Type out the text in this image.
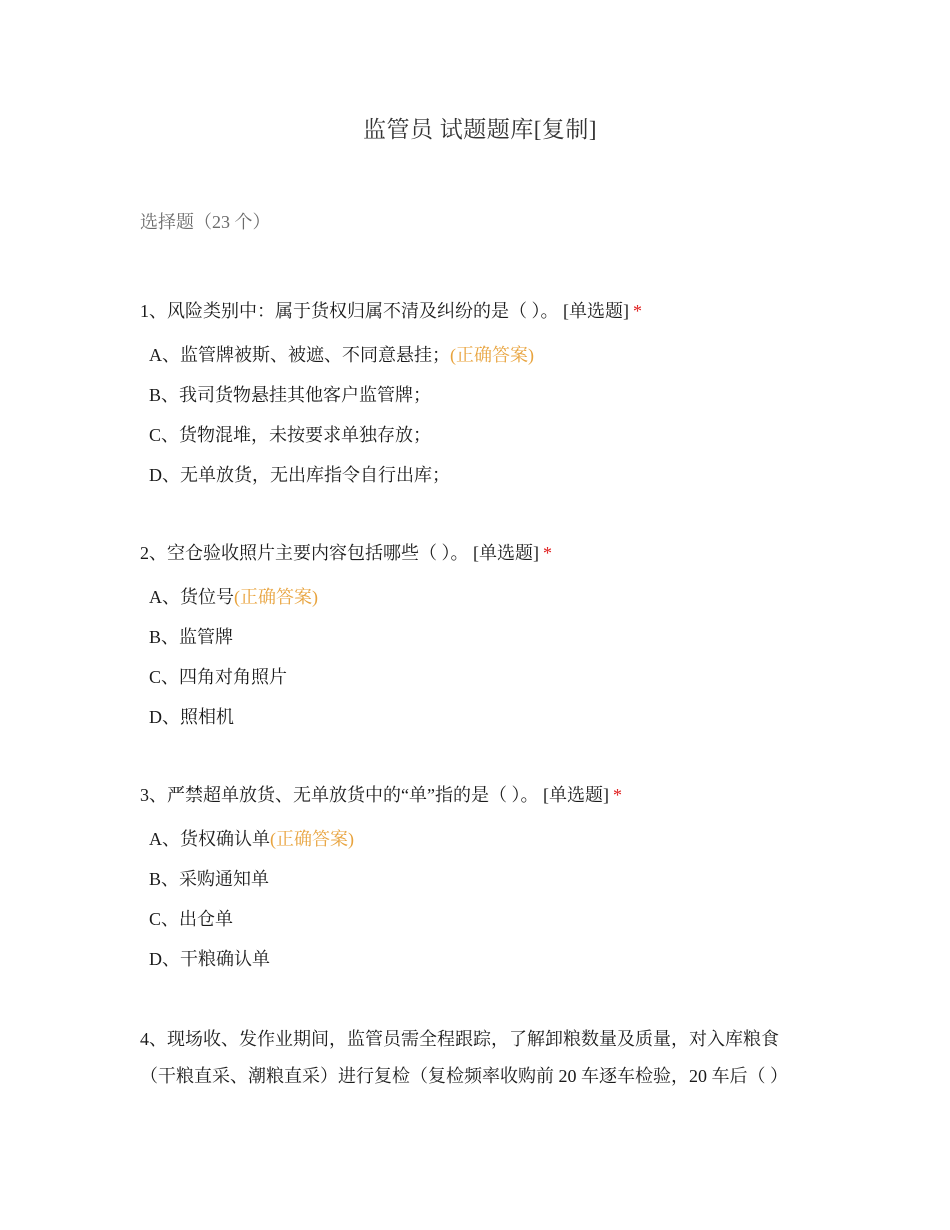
监管员 试题题库[复制]
选择题（23 个）

1、风险类别中：属于货权归属不清及纠纷的是（ ）。 [单选题] *

A、监管牌被斯、被遮、不同意悬挂；(正确答案)
B、我司货物悬挂其他客户监管牌；
C、货物混堆，未按要求单独存放；
D、无单放货，无出库指令自行出库；

2、空仓验收照片主要内容包括哪些（ ）。 [单选题] *

A、货位号(正确答案)
B、监管牌
C、四角对角照片
D、照相机

3、严禁超单放货、无单放货中的“单”指的是（ ）。 [单选题] *

A、货权确认单(正确答案)
B、采购通知单
C、出仓单
D、干粮确认单

4、现场收、发作业期间，监管员需全程跟踪，了解卸粮数量及质量，对入库粮食
（干粮直采、潮粮直采）进行复检（复检频率收购前 20 车逐车检验，20 车后（ ）
